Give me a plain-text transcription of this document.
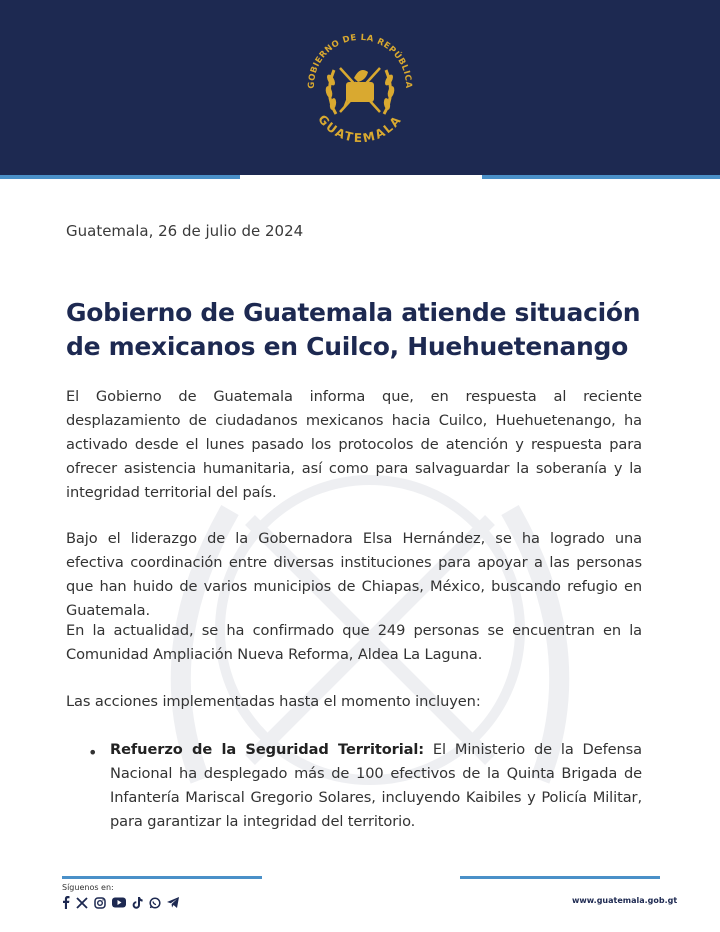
GOBIERNO DE LA REPÚBLICA
GUATEMALA
Guatemala, 26 de julio de 2024
Gobierno de Guatemala atiende situación de mexicanos en Cuilco, Huehuetenango
El Gobierno de Guatemala informa que, en respuesta al reciente desplazamiento de ciudadanos mexicanos hacia Cuilco, Huehuetenango, ha activado desde el lunes pasado los protocolos de atención y respuesta para ofrecer asistencia humanitaria, así como para salvaguardar la soberanía y la integridad territorial del país.
Bajo el liderazgo de la Gobernadora Elsa Hernández, se ha logrado una efectiva coordinación entre diversas instituciones para apoyar a las personas que han huido de varios municipios de Chiapas, México, buscando refugio en Guatemala.
En la actualidad, se ha confirmado que 249 personas se encuentran en la Comunidad Ampliación Nueva Reforma, Aldea La Laguna.
Las acciones implementadas hasta el momento incluyen:
• Refuerzo de la Seguridad Territorial: El Ministerio de la Defensa Nacional ha desplegado más de 100 efectivos de la Quinta Brigada de Infantería Mariscal Gregorio Solares, incluyendo Kaibiles y Policía Militar, para garantizar la integridad del territorio.
Síguenos en:
www.guatemala.gob.gt
